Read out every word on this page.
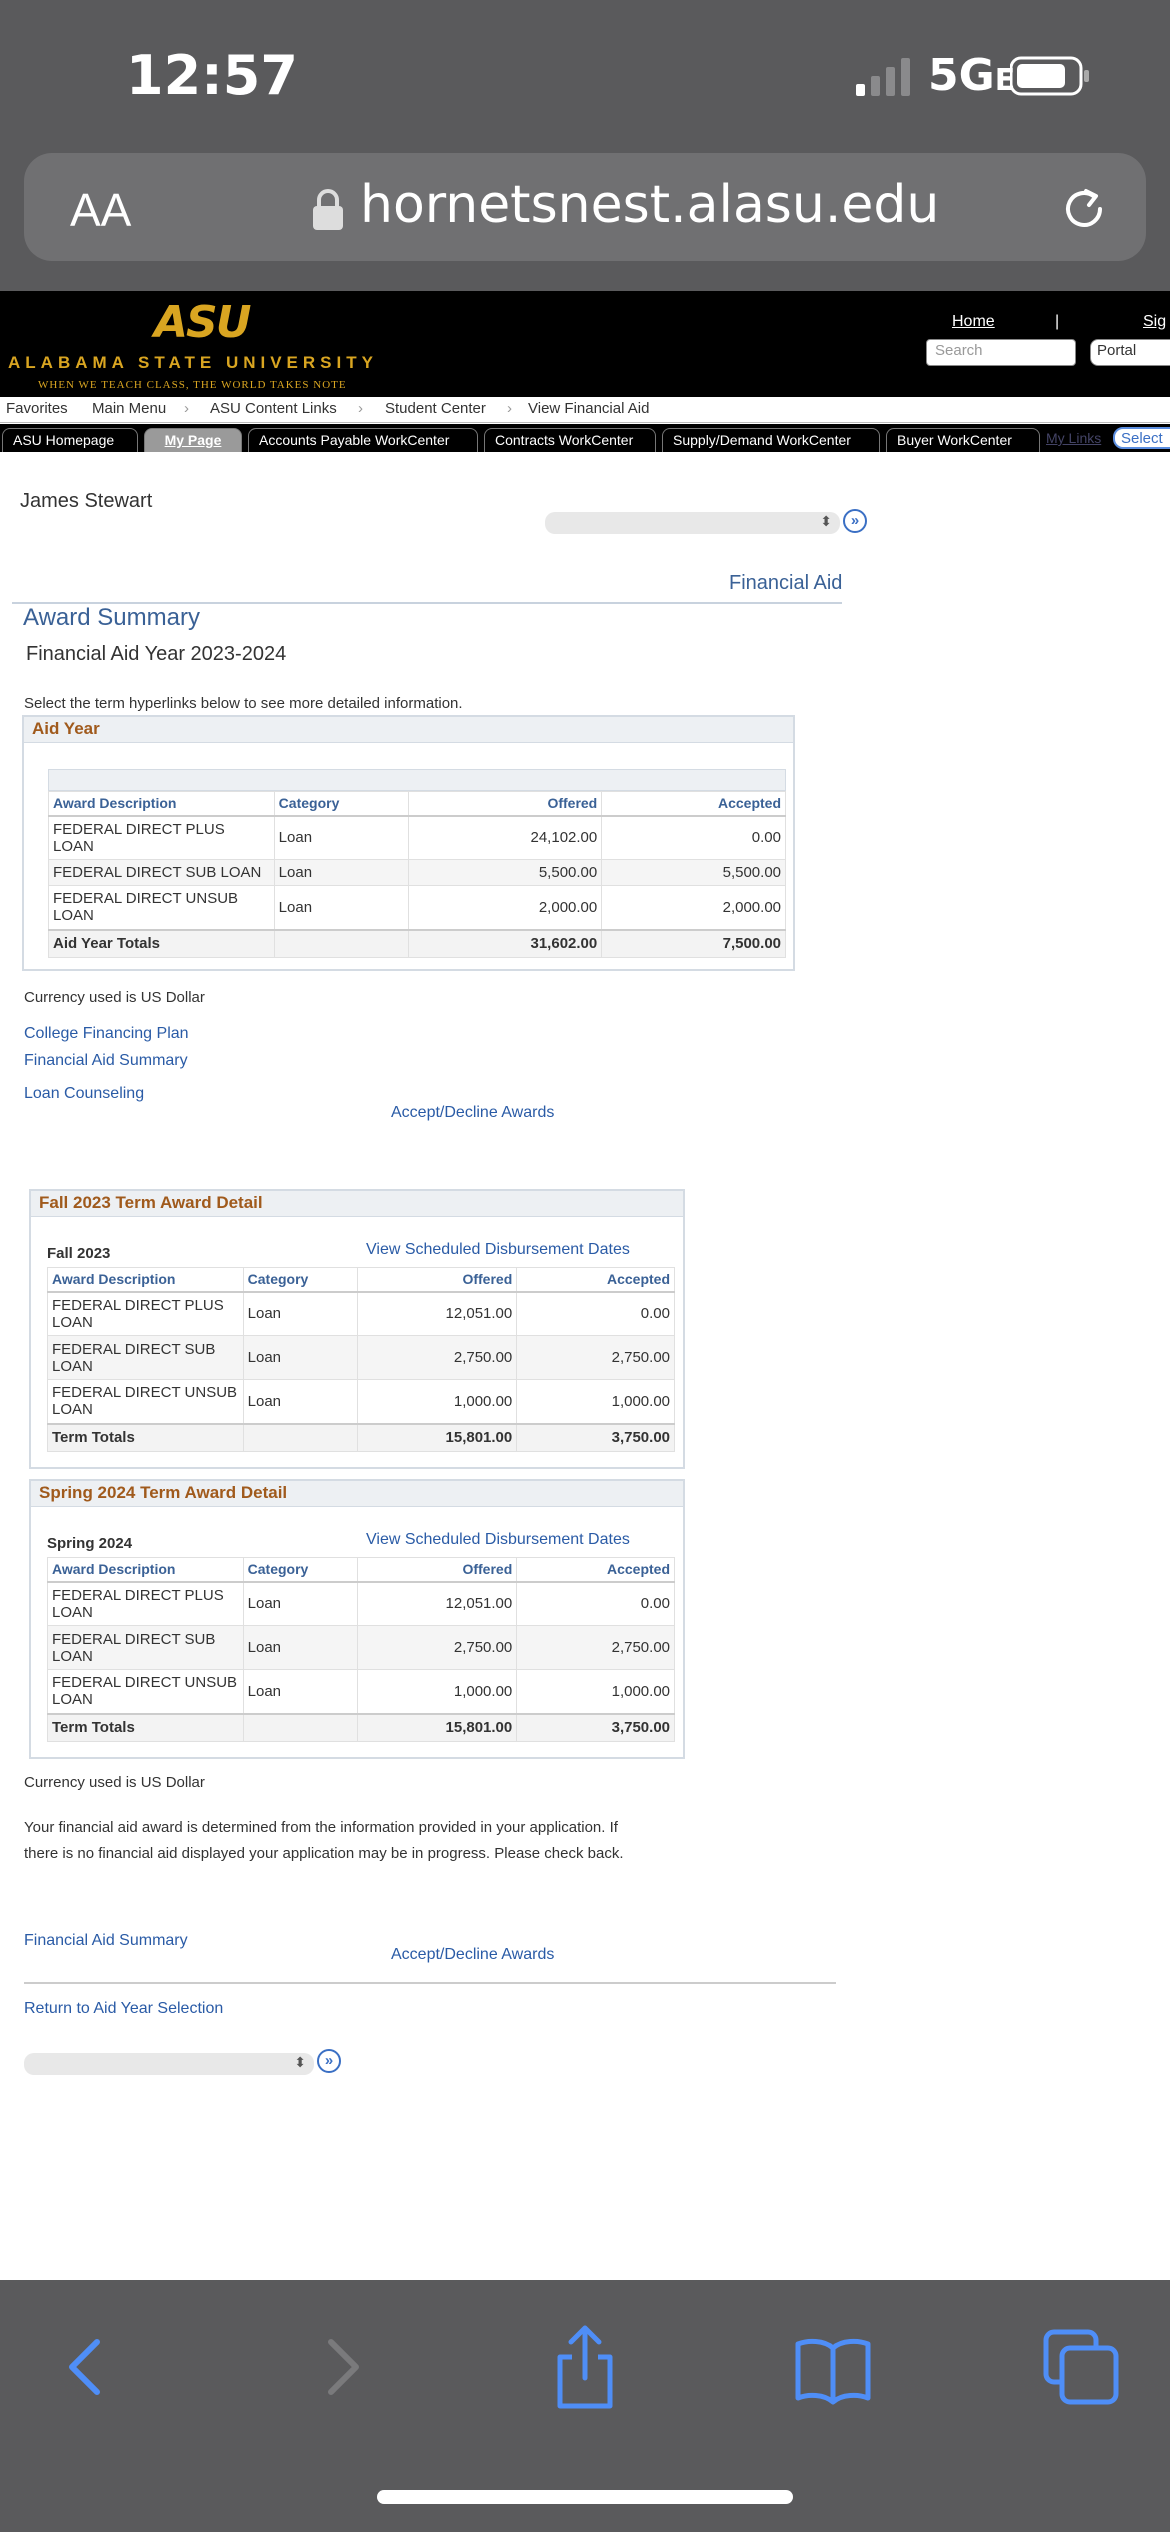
12:57	5GE
AA	hornetsnest.alasu.edu
ASU
ALABAMA STATE UNIVERSITY
WHEN WE TEACH CLASS, THE WORLD TAKES NOTE
Home	|	Sig
Search	Portal
Favorites Main Menu › ASU Content Links › Student Center › View Financial Aid
ASU Homepage	My Page	Accounts Payable WorkCenter	Contracts WorkCenter	Supply/Demand WorkCenter	Buyer WorkCenter	My Links	Select
James Stewart
⬍	»
Financial Aid
Award Summary
Financial Aid Year 2023-2024
Select the term hyperlinks below to see more detailed information.
Aid Year
Award Description	Category	Offered	Accepted
FEDERAL DIRECT PLUS LOAN	Loan	24,102.00	0.00
FEDERAL DIRECT SUB LOAN	Loan	5,500.00	5,500.00
FEDERAL DIRECT UNSUB LOAN	Loan	2,000.00	2,000.00
Aid Year Totals		31,602.00	7,500.00
Currency used is US Dollar
College Financing Plan
Financial Aid Summary
Loan Counseling
Accept/Decline Awards
Fall 2023 Term Award Detail
Fall 2023	View Scheduled Disbursement Dates
Award Description	Category	Offered	Accepted
FEDERAL DIRECT PLUS LOAN	Loan	12,051.00	0.00
FEDERAL DIRECT SUB LOAN	Loan	2,750.00	2,750.00
FEDERAL DIRECT UNSUB LOAN	Loan	1,000.00	1,000.00
Term Totals		15,801.00	3,750.00
Spring 2024 Term Award Detail
Spring 2024	View Scheduled Disbursement Dates
Award Description	Category	Offered	Accepted
FEDERAL DIRECT PLUS LOAN	Loan	12,051.00	0.00
FEDERAL DIRECT SUB LOAN	Loan	2,750.00	2,750.00
FEDERAL DIRECT UNSUB LOAN	Loan	1,000.00	1,000.00
Term Totals		15,801.00	3,750.00
Currency used is US Dollar
Your financial aid award is determined from the information provided in your application. If there is no financial aid displayed your application may be in progress. Please check back.
Financial Aid Summary
Accept/Decline Awards
Return to Aid Year Selection
⬍	»
